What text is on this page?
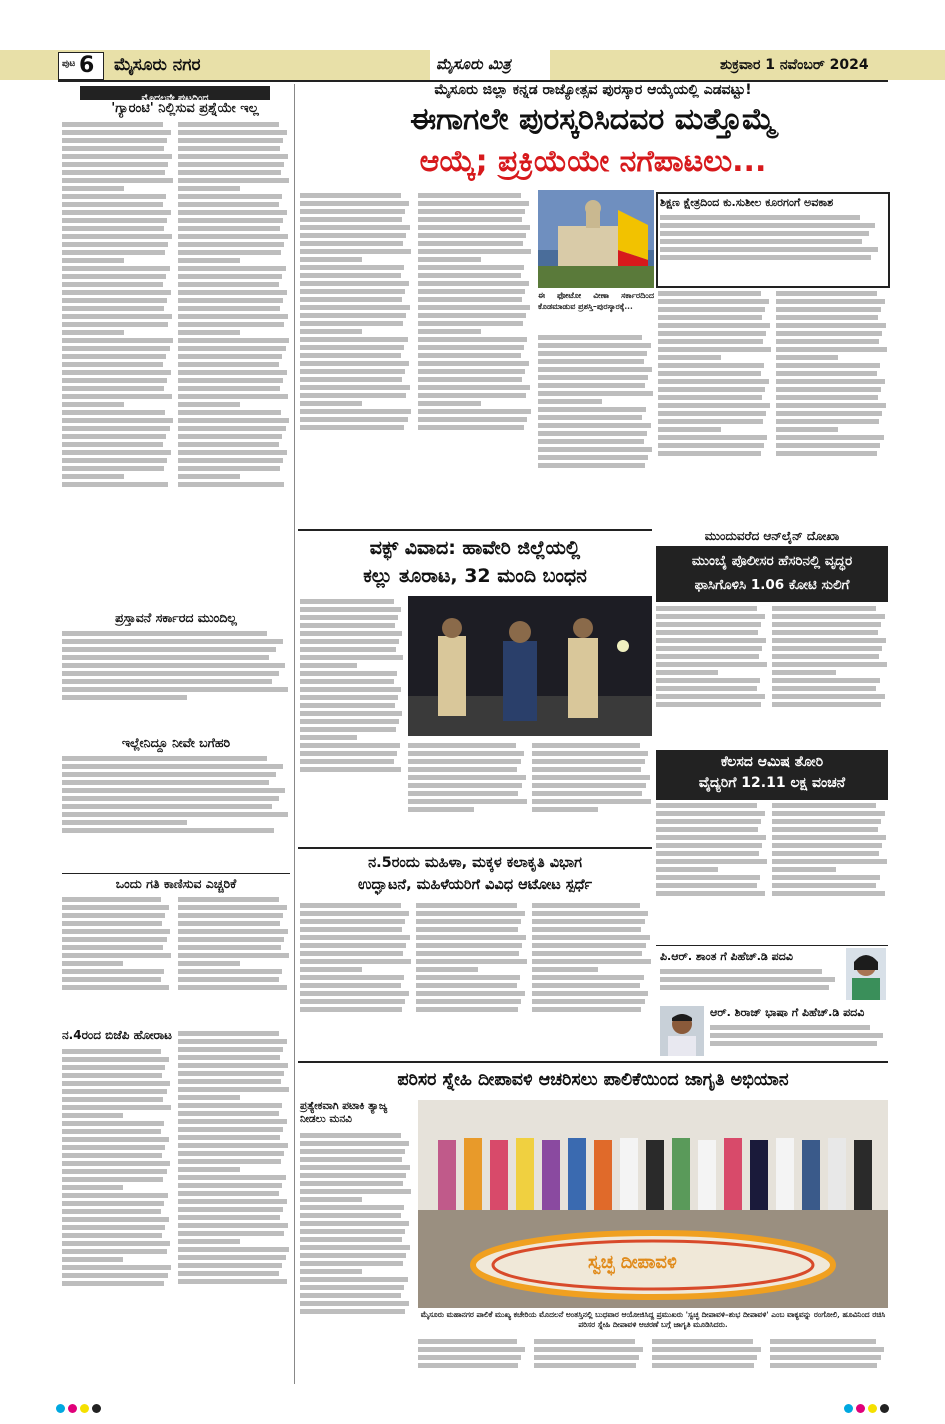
ಪುಟ 6 ಮೈಸೂರು ನಗರ	ಮೈಸೂರು ಮಿತ್ರ	ಶುಕ್ರವಾರ 1 ನವೆಂಬರ್ 2024
ಮೊದಲನೇ ಪುಟದಿಂದ
'ಗ್ಯಾರಂಟಿ' ನಿಲ್ಲಿಸುವ ಪ್ರಶ್ನೆಯೇ ಇಲ್ಲ
ಪ್ರಸ್ತಾವನೆ ಸರ್ಕಾರದ ಮುಂದಿಲ್ಲ
ಇಲ್ಲೇನಿದ್ದೂ ನೀವೇ ಬಗೆಹರಿ
ಒಂದು ಗತಿ ಕಾಣಿಸುವ ಎಚ್ಚರಿಕೆ
ನ.4ರಂದ ಬಿಜೆಪಿ ಹೋರಾಟ
ಮೈಸೂರು ಜಿಲ್ಲಾ ಕನ್ನಡ ರಾಜ್ಯೋತ್ಸವ ಪುರಸ್ಕಾರ ಆಯ್ಕೆಯಲ್ಲಿ ಎಡವಟ್ಟು!
ಈಗಾಗಲೇ ಪುರಸ್ಕರಿಸಿದವರ ಮತ್ತೊಮ್ಮೆ
ಆಯ್ಕೆ; ಪ್ರಕ್ರಿಯೆಯೇ ನಗೆಪಾಟಲು...
ಈ ಫೋಟೋ ವೀಣಾ ಸರ್ಕಾರದಿಂದ ಕೊಡಮಾಡುವ ಪ್ರಶಸ್ತಿ–ಪುರಸ್ಕಾರಕ್ಕೆ...
ಶಿಕ್ಷಣ ಕ್ಷೇತ್ರದಿಂದ ಕು.ಸುಶೀಲ ಕೂರಗಂಗೆ ಅವಕಾಶ
ವಕ್ಫ್ ವಿವಾದ: ಹಾವೇರಿ ಜಿಲ್ಲೆಯಲ್ಲಿ
ಕಲ್ಲು ತೂರಾಟ, 32 ಮಂದಿ ಬಂಧನ
ನ.5ರಂದು ಮಹಿಳಾ, ಮಕ್ಕಳ ಕಲಾಕೃತಿ ವಿಭಾಗ
ಉದ್ಘಾಟನೆ, ಮಹಿಳೆಯರಿಗೆ ವಿವಿಧ ಆಟೋಟ ಸ್ಪರ್ಧೆ
ಮುಂದುವರೆದ ಆನ್‌ಲೈನ್ ದೋಖಾ
ಮುಂಬೈ ಪೊಲೀಸರ ಹೆಸರಿನಲ್ಲಿ ವೃದ್ಧರ
ಫಾಸಿಗೊಳಿಸಿ 1.06 ಕೋಟಿ ಸುಲಿಗೆ
ಕೆಲಸದ ಆಮಿಷ ತೋರಿ
ವೈದ್ಯರಿಗೆ 12.11 ಲಕ್ಷ ವಂಚನೆ
ಪಿ.ಆರ್. ಶಾಂತ ಗೆ ಪಿಹೆಚ್.ಡಿ ಪದವಿ
ಆರ್. ಶಿರಾಜ್ ಭಾಷಾ ಗೆ ಪಿಹೆಚ್.ಡಿ ಪದವಿ
ಪರಿಸರ ಸ್ನೇಹಿ ದೀಪಾವಳಿ ಆಚರಿಸಲು ಪಾಲಿಕೆಯಿಂದ ಜಾಗೃತಿ ಅಭಿಯಾನ
ಪ್ರತ್ಯೇಕವಾಗಿ ಪಟಾಕಿ ತ್ಯಾಜ್ಯ ನೀಡಲು ಮನವಿ
ಸ್ವಚ್ಛ ದೀಪಾವಳಿ
ಮೈಸೂರು ಮಹಾನಗರ ಪಾಲಿಕೆ ಮುಖ್ಯ ಕಚೇರಿಯ ಮೊದಲನೆ ಅಂತಸ್ತಿನಲ್ಲಿ ಬುಧವಾರ ಆಯೋಜಿಸಿದ್ದ ಪ್ರಮುಖರು 'ಸ್ವಚ್ಛ ದೀಪಾವಳಿ–ಶುಭ ದೀಪಾವಳಿ' ಎಂಬ ವಾಕ್ಯವನ್ನು ರಂಗೋಲಿ, ಹೂವಿನಿಂದ ರಚಿಸಿ ಪರಿಸರ ಸ್ನೇಹಿ ದೀಪಾವಳಿ ಆಚರಣೆ ಬಗ್ಗೆ ಜಾಗೃತಿ ಮೂಡಿಸಿದರು.
